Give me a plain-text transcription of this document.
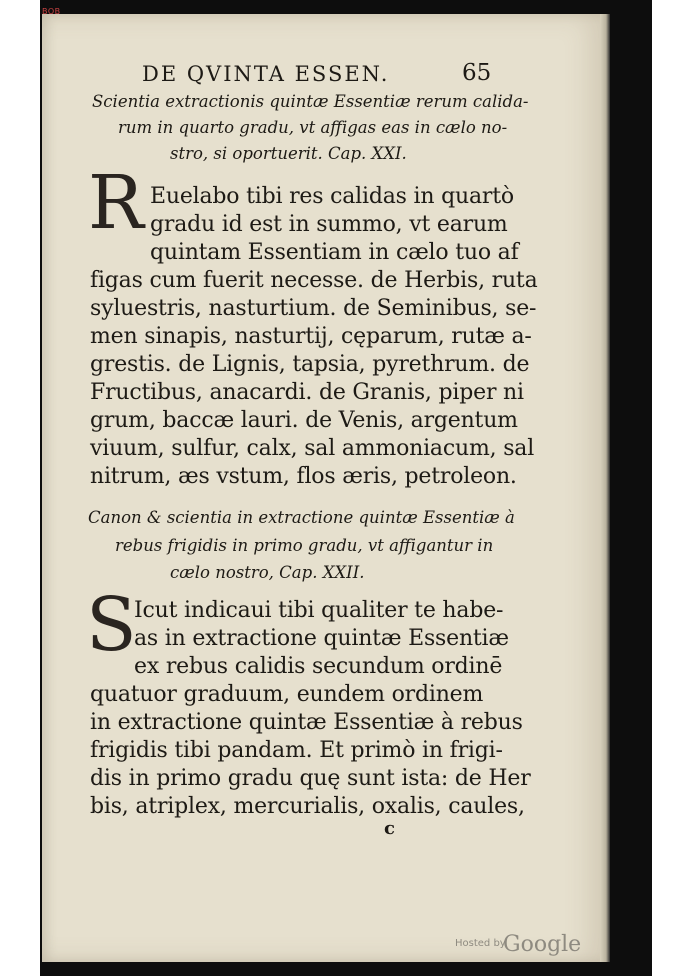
BOB
DE QVINTA ESSEN.	65
Scientia extractionis quintæ Essentiæ rerum calida-
rum in quarto gradu, vt affigas eas in cælo no-
stro, si oportuerit. Cap. XXI.
R Euelabo tibi res calidas in quartò
gradu id est in summo, vt earum
quintam Essentiam in cælo tuo af
figas cum fuerit necesse. de Herbis, ruta
syluestris, nasturtium. de Seminibus, se-
men sinapis, nasturtij, cęparum, rutæ a-
grestis. de Lignis, tapsia, pyrethrum. de
Fructibus, anacardi. de Granis, piper ni
grum, baccæ lauri. de Venis, argentum
viuum, sulfur, calx, sal ammoniacum, sal
nitrum, æs vstum, flos æris, petroleon.
Canon & scientia in extractione quintæ Essentiæ à
rebus frigidis in primo gradu, vt affigantur in
cælo nostro, Cap. XXII.
S
Icut indicaui tibi qualiter te habe-
as in extractione quintæ Essentiæ
ex rebus calidis secundum ordinē
quatuor graduum, eundem ordinem
in extractione quintæ Essentiæ à rebus
frigidis tibi pandam. Et primò in frigi-
dis in primo gradu quę sunt ista: de Her
bis, atriplex, mercurialis, oxalis, caules,
c
Hosted by
Google
